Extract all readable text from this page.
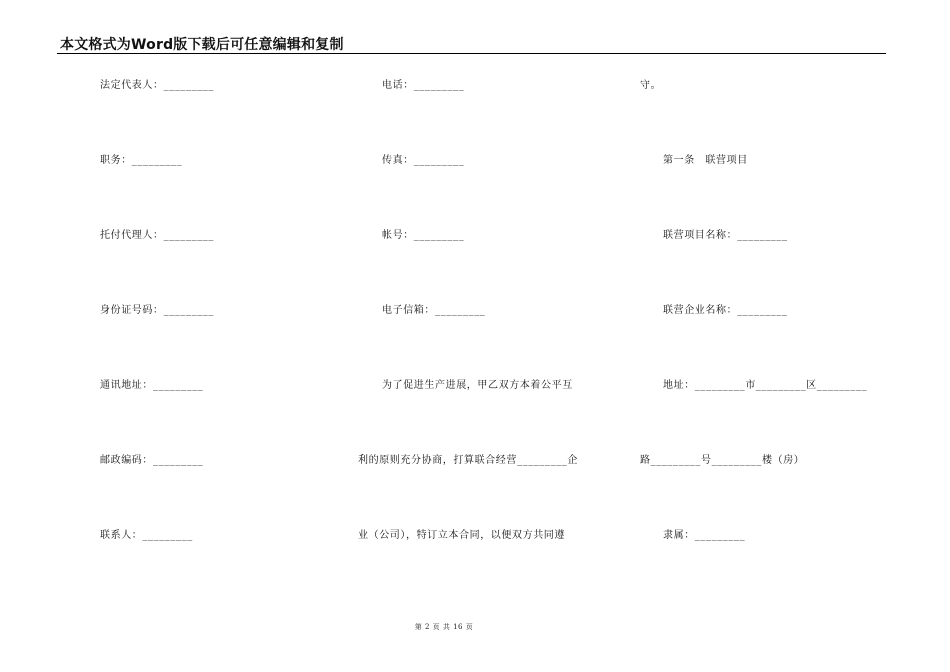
本文格式为Word版下载后可任意编辑和复制
法定代表人：_________
职务：_________
托付代理人：_________
身份证号码：_________
通讯地址：_________
邮政编码：_________
联系人：_________
电话：_________
传真：_________
帐号：_________
电子信箱：_________
为了促进生产进展，甲乙双方本着公平互
利的原则充分协商，打算联合经营_________企
业（公司），特订立本合同，以便双方共同遵
守。
第一条　联营项目
联营项目名称：_________
联营企业名称：_________
地址：_________市_________区_________
路_________号_________楼（房）
隶属：_________
第 2 页 共 16 页
